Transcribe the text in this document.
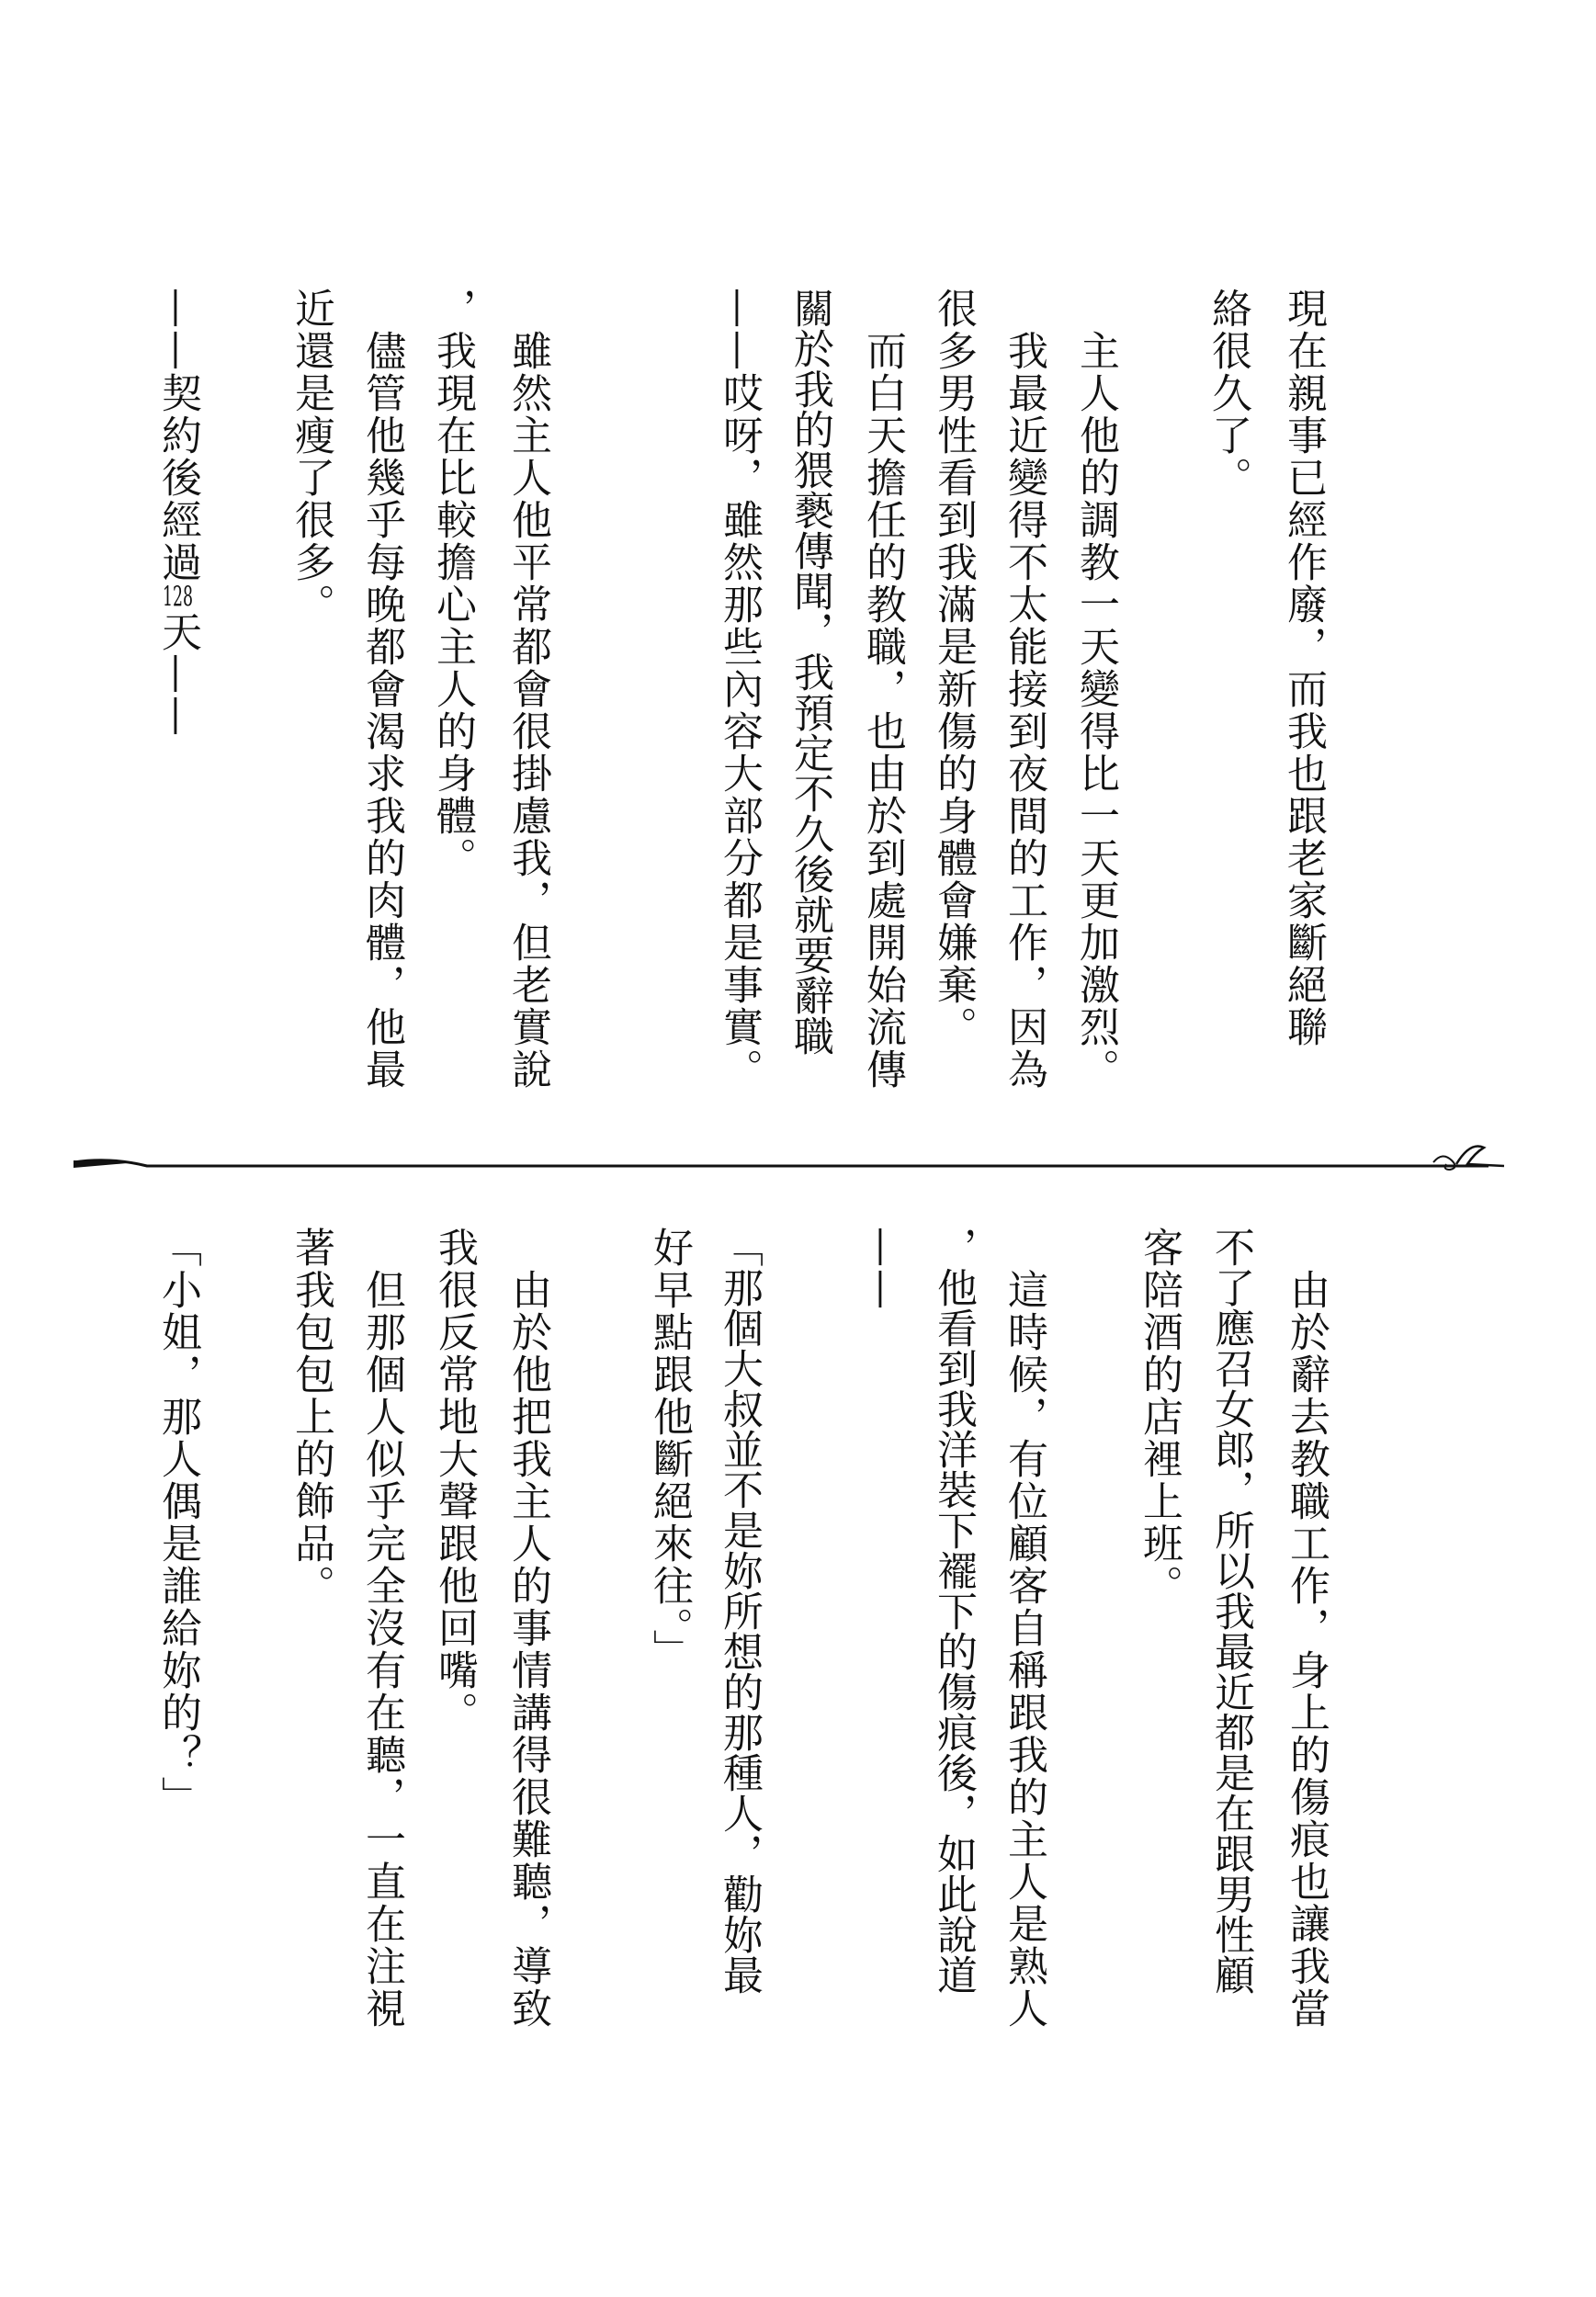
現在親事已經作廢，而我也跟老家斷絕聯
絡很久了。
主人他的調教一天變得比一天更加激烈。
我最近變得不太能接到夜間的工作，因為
很多男性看到我滿是新傷的身體會嫌棄。
而白天擔任的教職，也由於到處開始流傳
關於我的猥褻傳聞，我預定不久後就要辭職
——哎呀，雖然那些內容大部分都是事實。
雖然主人他平常都會很掛慮我，但老實說
，我現在比較擔心主人的身體。
儘管他幾乎每晚都會渴求我的肉體，他最
近還是瘦了很多。
——契約後經過128天——
由於辭去教職工作，身上的傷痕也讓我當
不了應召女郎，所以我最近都是在跟男性顧
客陪酒的店裡上班。
這時候，有位顧客自稱跟我的主人是熟人
，他看到我洋裝下襬下的傷痕後，如此說道
——
「那個大叔並不是妳所想的那種人，勸妳最
好早點跟他斷絕來往。」
由於他把我主人的事情講得很難聽，導致
我很反常地大聲跟他回嘴。
但那個人似乎完全沒有在聽，一直在注視
著我包包上的飾品。
「小姐，那人偶是誰給妳的？」
